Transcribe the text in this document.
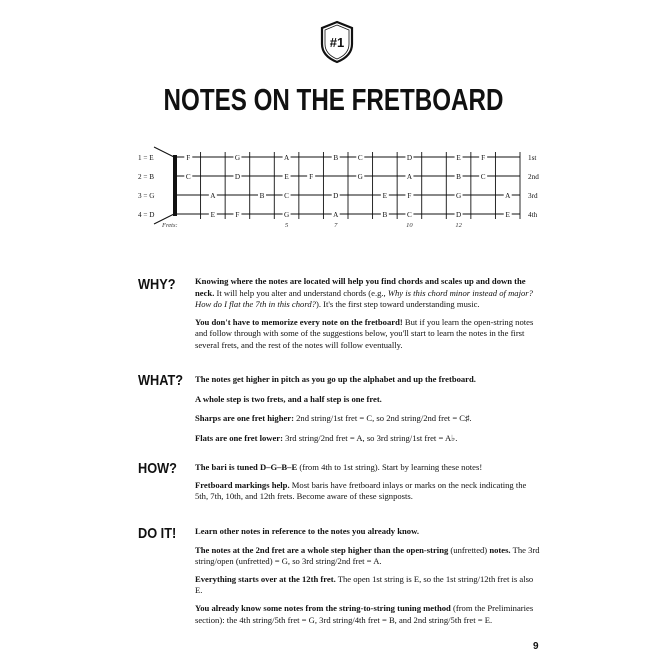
#1
NOTES ON THE FRETBOARD
1 = E
2 = B
3 = G
4 = D
1st
2nd
3rd
4th
F	G	A	B	C	D	E	F
C	D	E	F	G	A	B	C
A	B	C	D	E	F	G	A
E	F	G	A	B	C	D	E
Frets:	5	7	10	12
WHY? Knowing where the notes are located will help you find chords and scales up and down the neck. It will help you alter and understand chords (e.g., Why is this chord minor instead of major? How do I flat the 7th in this chord?). It's the first step toward understanding music.

You don't have to memorize every note on the fretboard! But if you learn the open-string notes and follow through with some of the suggestions below, you'll start to learn the notes in the first several frets, and the rest of the notes will follow eventually.

WHAT? The notes get higher in pitch as you go up the alphabet and up the fretboard.

A whole step is two frets, and a half step is one fret.

Sharps are one fret higher: 2nd string/1st fret = C, so 2nd string/2nd fret = C♯.

Flats are one fret lower: 3rd string/2nd fret = A, so 3rd string/1st fret = A♭.

HOW? The bari is tuned D–G–B–E (from 4th to 1st string). Start by learning these notes!

Fretboard markings help. Most baris have fretboard inlays or marks on the neck indicating the 5th, 7th, 10th, and 12th frets. Become aware of these signposts.

DO IT! Learn other notes in reference to the notes you already know.

The notes at the 2nd fret are a whole step higher than the open-string (unfretted) notes. The 3rd string/open (unfretted) = G, so 3rd string/2nd fret = A.

Everything starts over at the 12th fret. The open 1st string is E, so the 1st string/12th fret is also E.

You already know some notes from the string-to-string tuning method (from the Preliminaries section): the 4th string/5th fret = G, 3rd string/4th fret = B, and 2nd string/5th fret = E.

9
